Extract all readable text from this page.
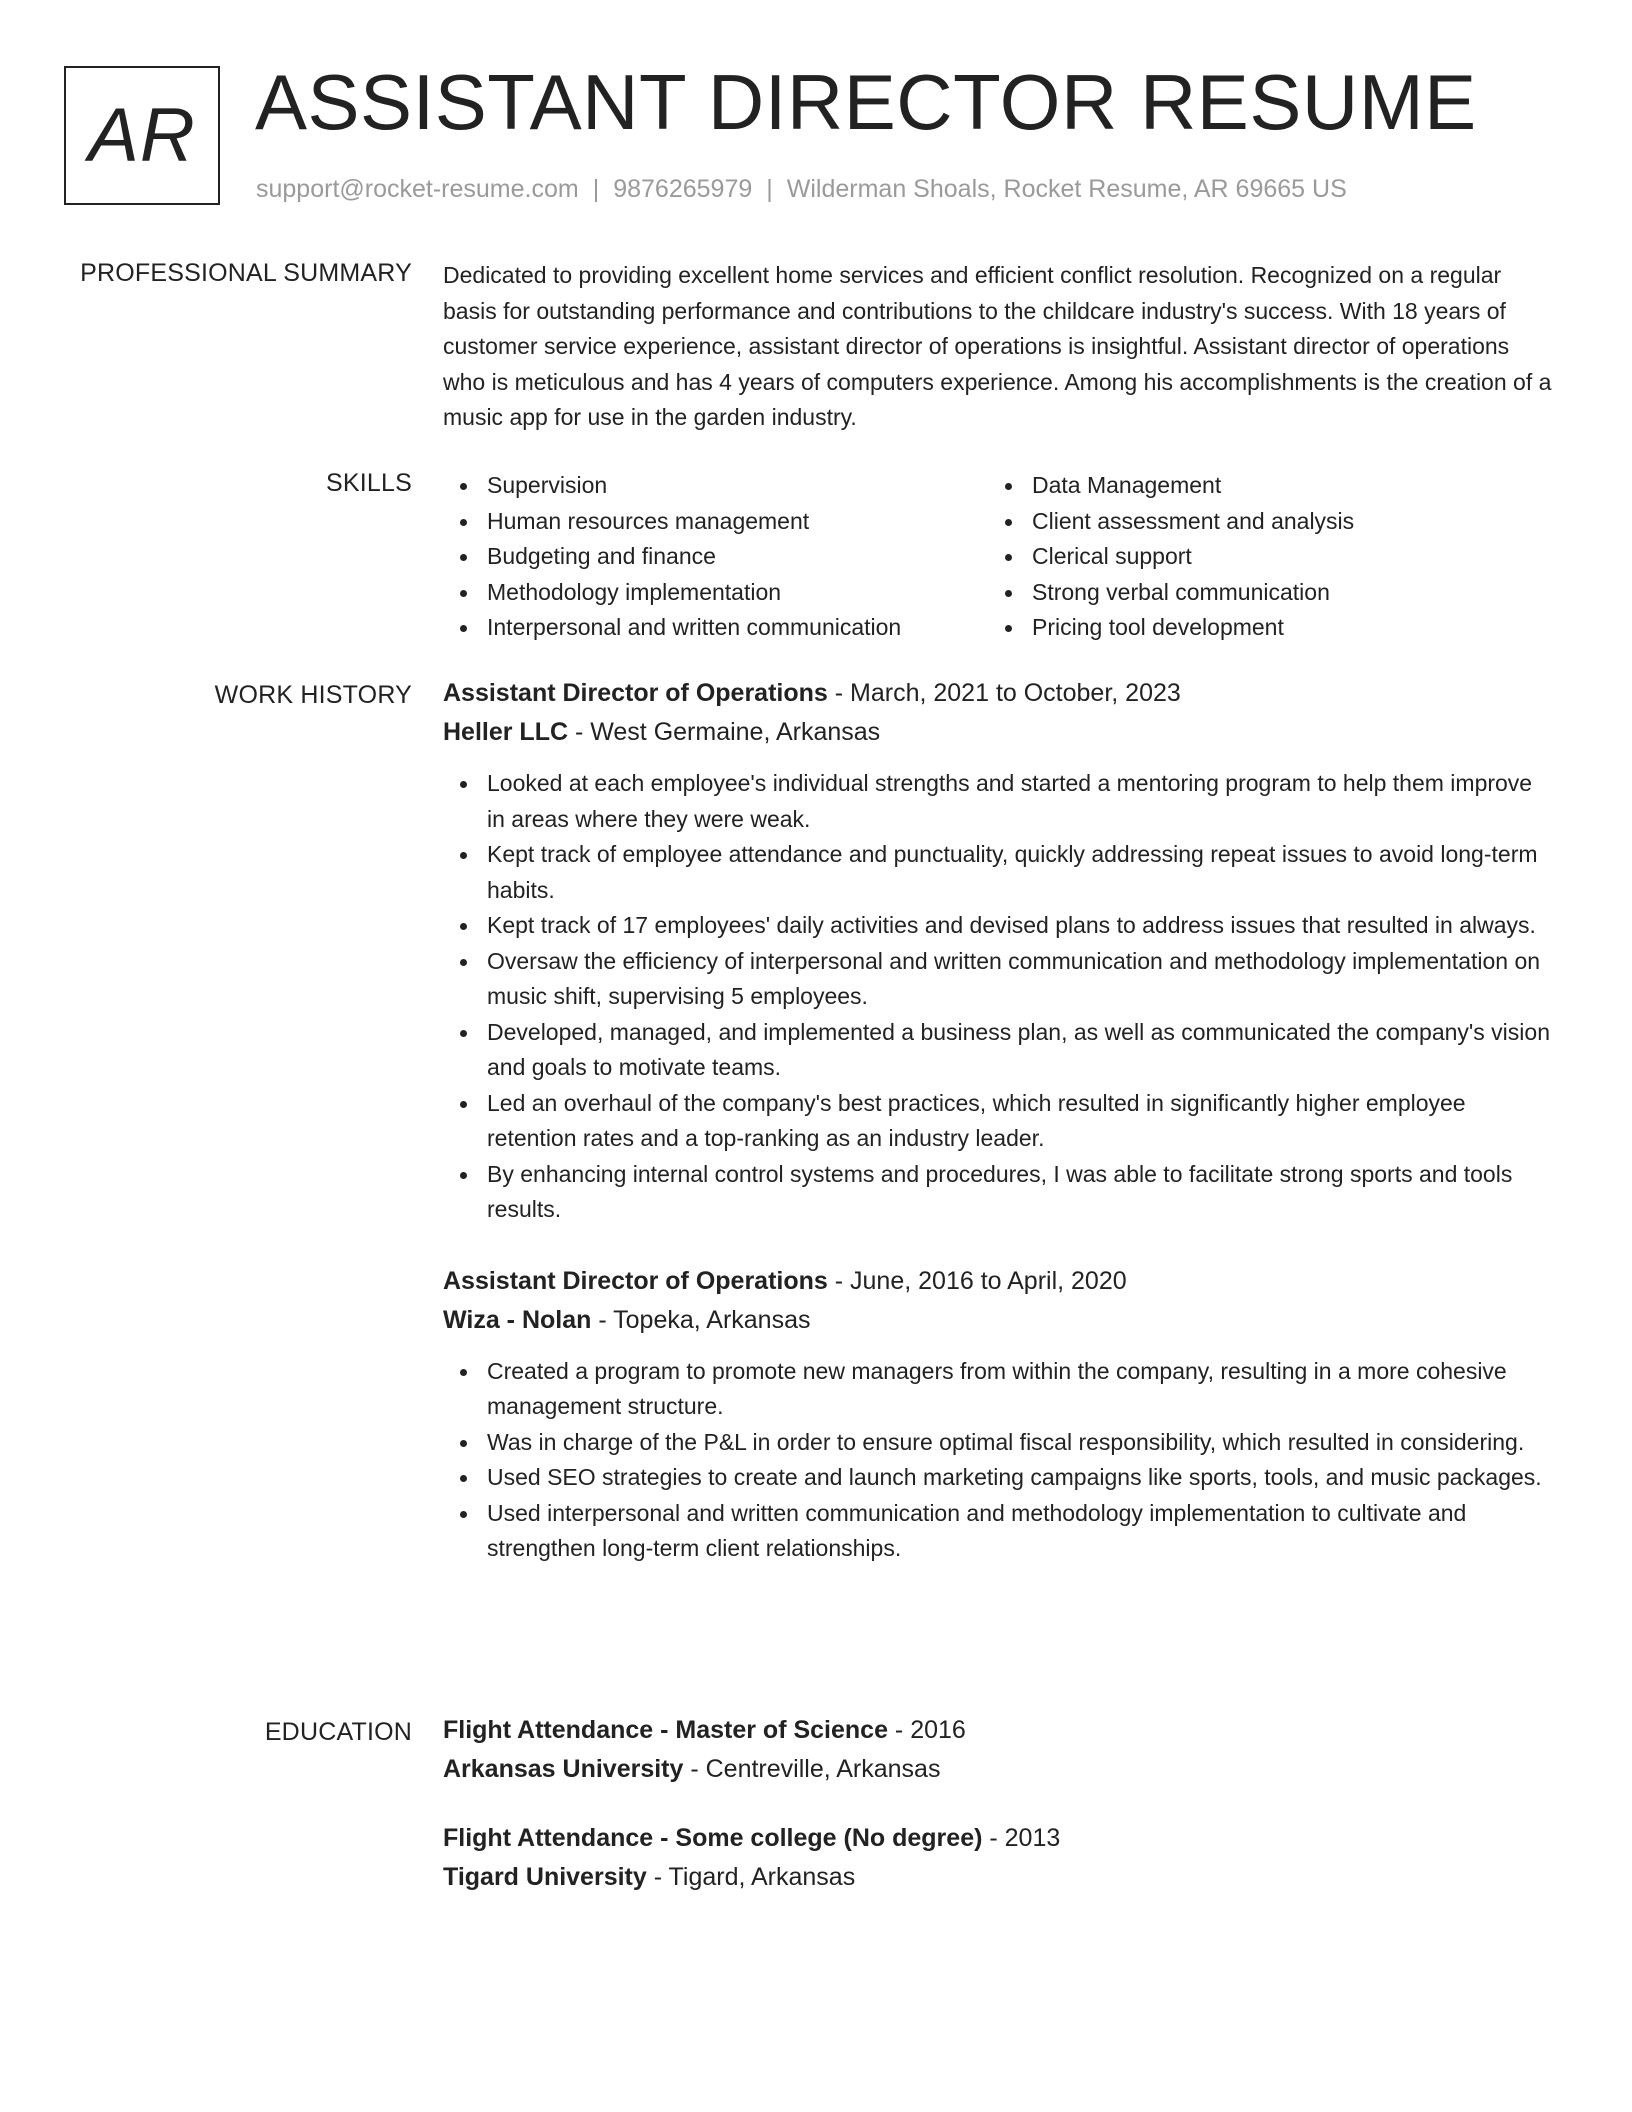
AR ASSISTANT DIRECTOR RESUME
support@rocket-resume.com | 9876265979 | Wilderman Shoals, Rocket Resume, AR 69665 US
PROFESSIONAL SUMMARY Dedicated to providing excellent home services and efficient conflict resolution. Recognized on a regular basis for outstanding performance and contributions to the childcare industry's success. With 18 years of customer service experience, assistant director of operations is insightful. Assistant director of operations who is meticulous and has 4 years of computers experience. Among his accomplishments is the creation of a music app for use in the garden industry.

SKILLS	Supervision
Human resources management
Budgeting and finance
Methodology implementation
Interpersonal and written communication
Data Management
Client assessment and analysis
Clerical support
Strong verbal communication
Pricing tool development
WORK HISTORY Assistant Director of Operations - March, 2021 to October, 2023
Heller LLC - West Germaine, Arkansas
Looked at each employee's individual strengths and started a mentoring program to help them improve in areas where they were weak.
Kept track of employee attendance and punctuality, quickly addressing repeat issues to avoid long-term habits.
Kept track of 17 employees' daily activities and devised plans to address issues that resulted in always.
Oversaw the efficiency of interpersonal and written communication and methodology implementation on music shift, supervising 5 employees.
Developed, managed, and implemented a business plan, as well as communicated the company's vision and goals to motivate teams.
Led an overhaul of the company's best practices, which resulted in significantly higher employee retention rates and a top-ranking as an industry leader.
By enhancing internal control systems and procedures, I was able to facilitate strong sports and tools results.
Assistant Director of Operations - June, 2016 to April, 2020
Wiza - Nolan - Topeka, Arkansas
Created a program to promote new managers from within the company, resulting in a more cohesive management structure.
Was in charge of the P&L in order to ensure optimal fiscal responsibility, which resulted in considering.
Used SEO strategies to create and launch marketing campaigns like sports, tools, and music packages.
Used interpersonal and written communication and methodology implementation to cultivate and strengthen long-term client relationships.
EDUCATION Flight Attendance - Master of Science - 2016
Arkansas University - Centreville, Arkansas
Flight Attendance - Some college (No degree) - 2013
Tigard University - Tigard, Arkansas
